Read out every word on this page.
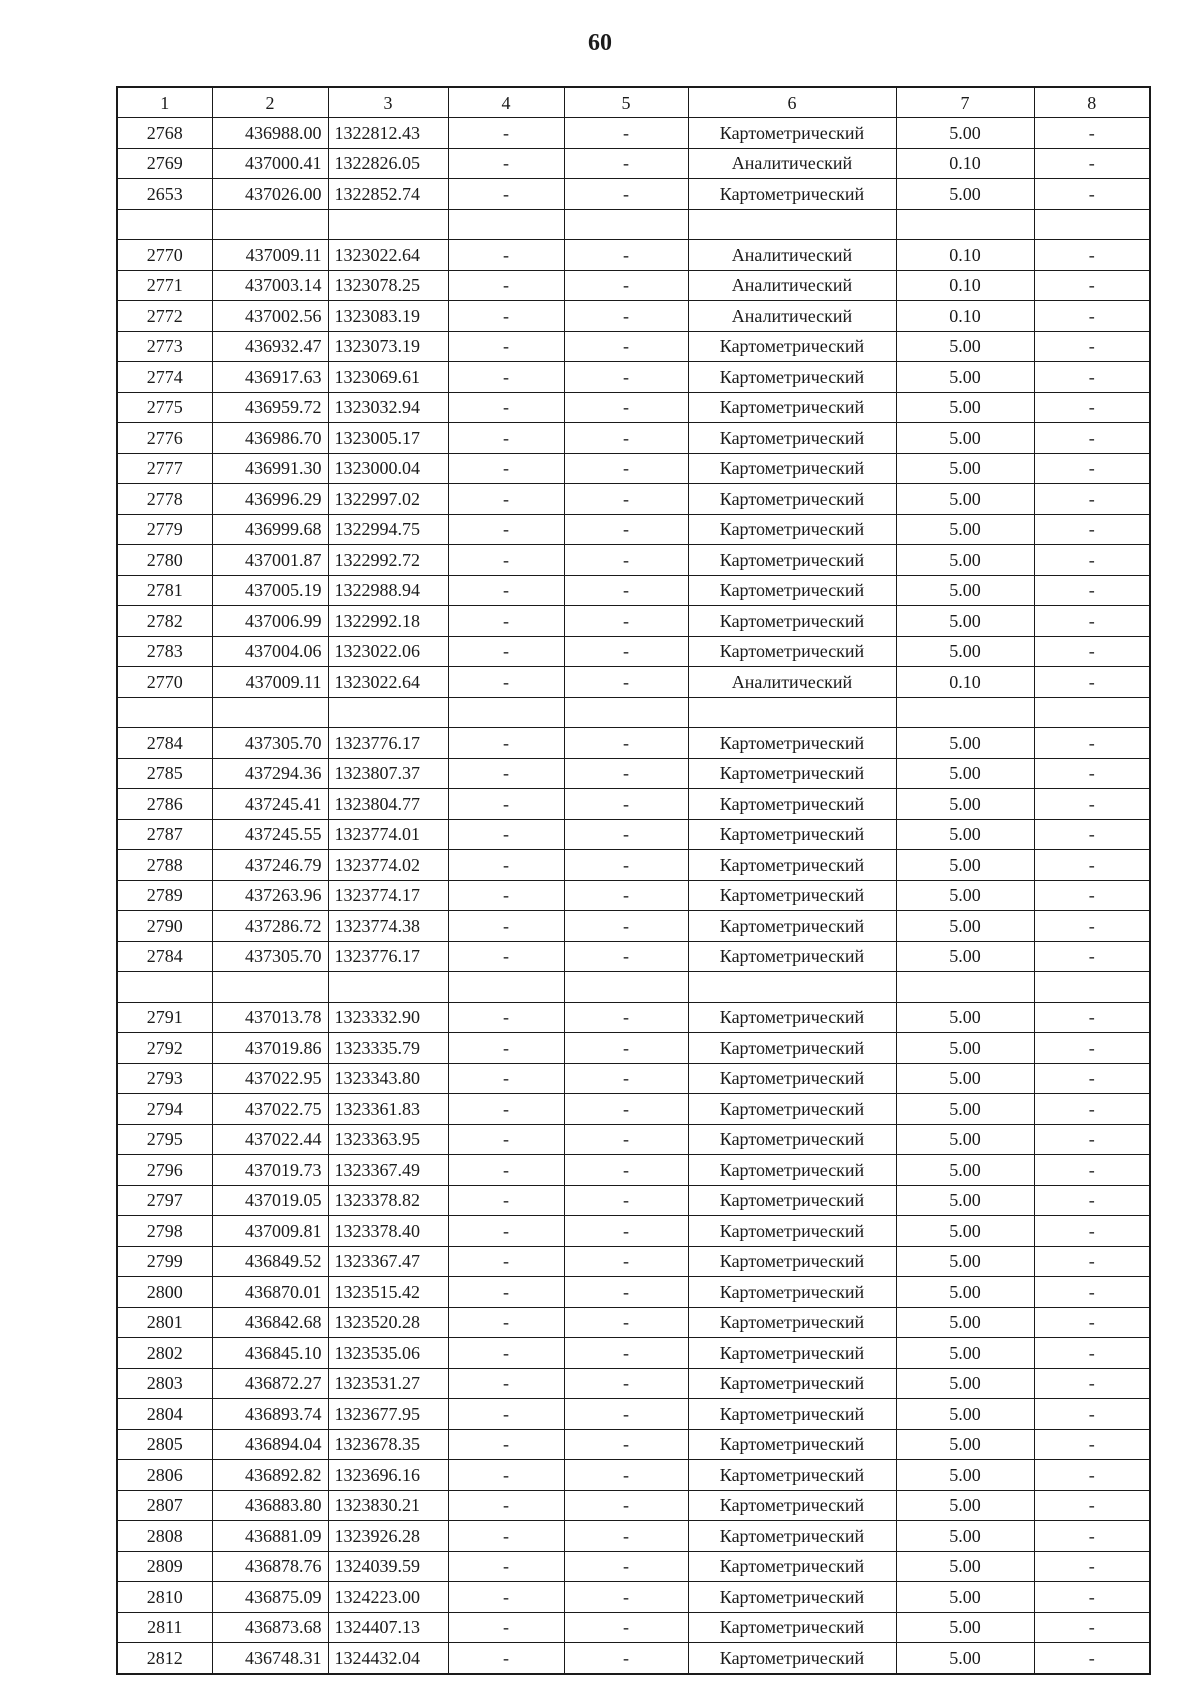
60
1	2	3	4	5	6	7	8
2768	436988.00	1322812.43	-	-	Картометрический	5.00	-
2769	437000.41	1322826.05	-	-	Аналитический	0.10	-
2653	437026.00	1322852.74	-	-	Картометрический	5.00	-

2770	437009.11	1323022.64	-	-	Аналитический	0.10	-
2771	437003.14	1323078.25	-	-	Аналитический	0.10	-
2772	437002.56	1323083.19	-	-	Аналитический	0.10	-
2773	436932.47	1323073.19	-	-	Картометрический	5.00	-
2774	436917.63	1323069.61	-	-	Картометрический	5.00	-
2775	436959.72	1323032.94	-	-	Картометрический	5.00	-
2776	436986.70	1323005.17	-	-	Картометрический	5.00	-
2777	436991.30	1323000.04	-	-	Картометрический	5.00	-
2778	436996.29	1322997.02	-	-	Картометрический	5.00	-
2779	436999.68	1322994.75	-	-	Картометрический	5.00	-
2780	437001.87	1322992.72	-	-	Картометрический	5.00	-
2781	437005.19	1322988.94	-	-	Картометрический	5.00	-
2782	437006.99	1322992.18	-	-	Картометрический	5.00	-
2783	437004.06	1323022.06	-	-	Картометрический	5.00	-
2770	437009.11	1323022.64	-	-	Аналитический	0.10	-

2784	437305.70	1323776.17	-	-	Картометрический	5.00	-
2785	437294.36	1323807.37	-	-	Картометрический	5.00	-
2786	437245.41	1323804.77	-	-	Картометрический	5.00	-
2787	437245.55	1323774.01	-	-	Картометрический	5.00	-
2788	437246.79	1323774.02	-	-	Картометрический	5.00	-
2789	437263.96	1323774.17	-	-	Картометрический	5.00	-
2790	437286.72	1323774.38	-	-	Картометрический	5.00	-
2784	437305.70	1323776.17	-	-	Картометрический	5.00	-

2791	437013.78	1323332.90	-	-	Картометрический	5.00	-
2792	437019.86	1323335.79	-	-	Картометрический	5.00	-
2793	437022.95	1323343.80	-	-	Картометрический	5.00	-
2794	437022.75	1323361.83	-	-	Картометрический	5.00	-
2795	437022.44	1323363.95	-	-	Картометрический	5.00	-
2796	437019.73	1323367.49	-	-	Картометрический	5.00	-
2797	437019.05	1323378.82	-	-	Картометрический	5.00	-
2798	437009.81	1323378.40	-	-	Картометрический	5.00	-
2799	436849.52	1323367.47	-	-	Картометрический	5.00	-
2800	436870.01	1323515.42	-	-	Картометрический	5.00	-
2801	436842.68	1323520.28	-	-	Картометрический	5.00	-
2802	436845.10	1323535.06	-	-	Картометрический	5.00	-
2803	436872.27	1323531.27	-	-	Картометрический	5.00	-
2804	436893.74	1323677.95	-	-	Картометрический	5.00	-
2805	436894.04	1323678.35	-	-	Картометрический	5.00	-
2806	436892.82	1323696.16	-	-	Картометрический	5.00	-
2807	436883.80	1323830.21	-	-	Картометрический	5.00	-
2808	436881.09	1323926.28	-	-	Картометрический	5.00	-
2809	436878.76	1324039.59	-	-	Картометрический	5.00	-
2810	436875.09	1324223.00	-	-	Картометрический	5.00	-
2811	436873.68	1324407.13	-	-	Картометрический	5.00	-
2812	436748.31	1324432.04	-	-	Картометрический	5.00	-
